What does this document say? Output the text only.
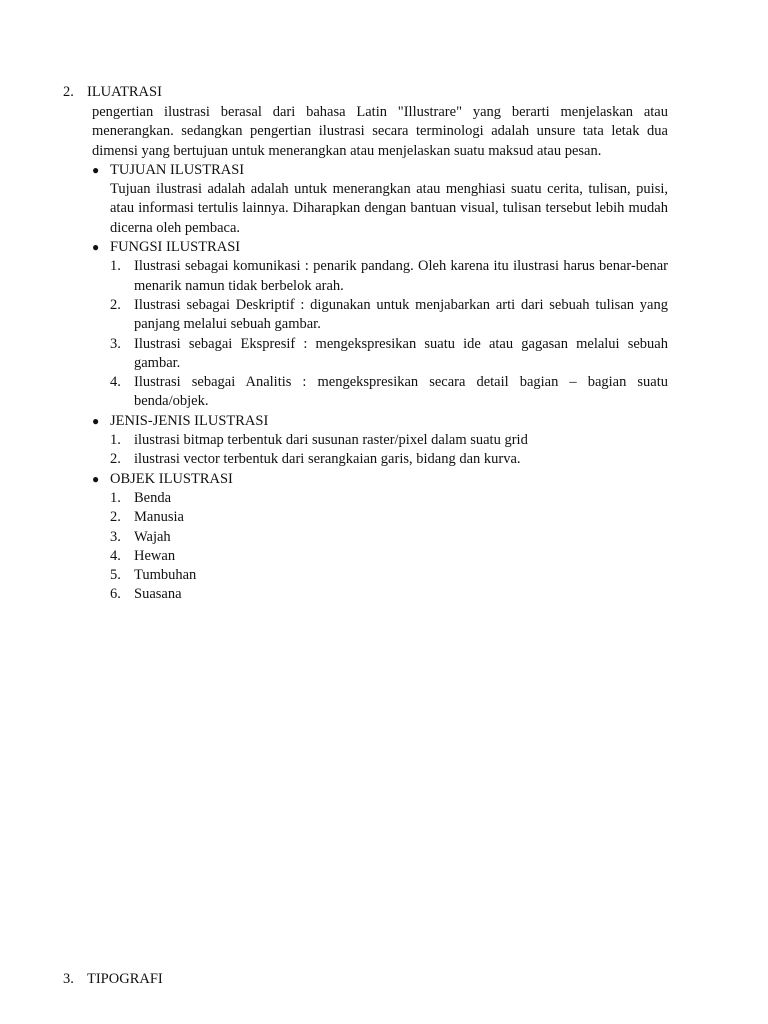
2. ILUATRASI

pengertian ilustrasi berasal dari bahasa Latin "Illustrare" yang berarti menjelaskan atau menerangkan. sedangkan pengertian ilustrasi secara terminologi adalah unsure tata letak dua dimensi yang bertujuan untuk menerangkan atau menjelaskan suatu maksud atau pesan.

● TUJUAN ILUSTRASI

Tujuan ilustrasi adalah adalah untuk menerangkan atau menghiasi suatu cerita, tulisan, puisi, atau informasi tertulis lainnya. Diharapkan dengan bantuan visual, tulisan tersebut lebih mudah dicerna oleh pembaca.

● FUNGSI ILUSTRASI
1. Ilustrasi sebagai komunikasi : penarik pandang. Oleh karena itu ilustrasi harus benar-benar menarik namun tidak berbelok arah.
2. Ilustrasi sebagai Deskriptif : digunakan untuk menjabarkan arti dari sebuah tulisan yang panjang melalui sebuah gambar.
3. Ilustrasi sebagai Ekspresif : mengekspresikan suatu ide atau gagasan melalui sebuah gambar.
4. Ilustrasi sebagai Analitis : mengekspresikan secara detail bagian – bagian suatu benda/objek.
● JENIS-JENIS ILUSTRASI
1. ilustrasi bitmap terbentuk dari susunan raster/pixel dalam suatu grid
2. ilustrasi vector terbentuk dari serangkaian garis, bidang dan kurva.
● OBJEK ILUSTRASI
1. Benda
2. Manusia
3. Wajah
4. Hewan
5. Tumbuhan
6. Suasana
3. TIPOGRAFI
